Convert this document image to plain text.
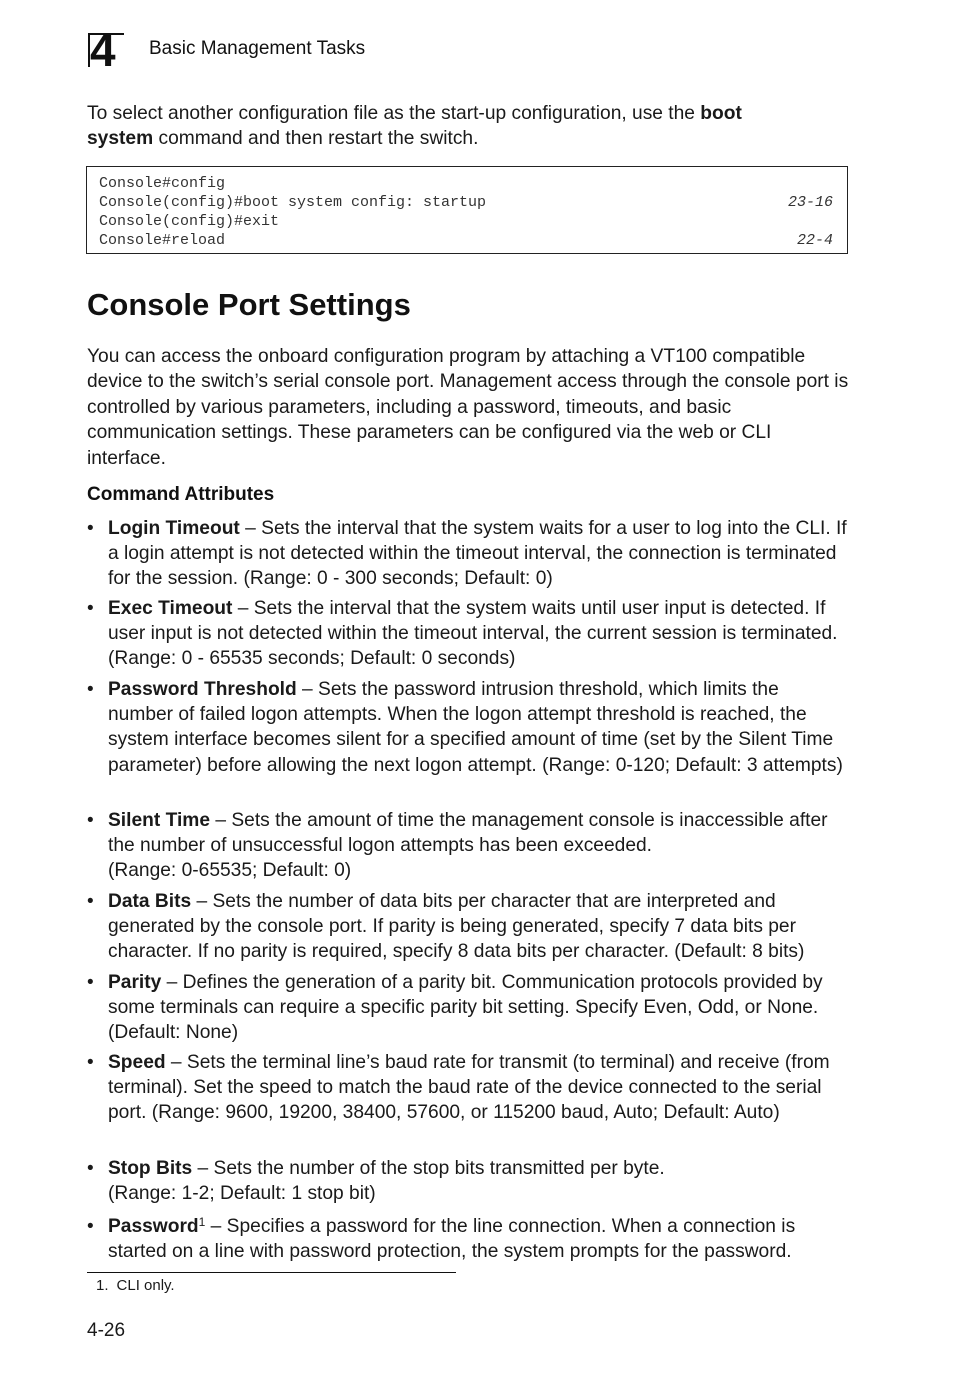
4 Basic Management Tasks

To select another configuration file as the start-up configuration, use the boot
system command and then restart the switch.

Console#config
Console(config)#boot system config: startup	23-16
Console(config)#exit
Console#reload	22-4
Console Port Settings

You can access the onboard configuration program by attaching a VT100 compatible device to the switch’s serial console port. Management access through the console port is controlled by various parameters, including a password, timeouts, and basic communication settings. These parameters can be configured via the web or CLI interface.

Command Attributes
• Login Timeout – Sets the interval that the system waits for a user to log into the CLI. If a login attempt is not detected within the timeout interval, the connection is terminated for the session. (Range: 0 - 300 seconds; Default: 0)

• Exec Timeout – Sets the interval that the system waits until user input is detected. If user input is not detected within the timeout interval, the current session is terminated. (Range: 0 - 65535 seconds; Default: 0 seconds)

• Password Threshold – Sets the password intrusion threshold, which limits the number of failed logon attempts. When the logon attempt threshold is reached, the system interface becomes silent for a specified amount of time (set by the Silent Time parameter) before allowing the next logon attempt. (Range: 0-120; Default: 3 attempts)

• Silent Time – Sets the amount of time the management console is inaccessible after the number of unsuccessful logon attempts has been exceeded.
(Range: 0-65535; Default: 0)

• Data Bits – Sets the number of data bits per character that are interpreted and generated by the console port. If parity is being generated, specify 7 data bits per character. If no parity is required, specify 8 data bits per character. (Default: 8 bits)

• Parity – Defines the generation of a parity bit. Communication protocols provided by some terminals can require a specific parity bit setting. Specify Even, Odd, or None. (Default: None)

• Speed – Sets the terminal line’s baud rate for transmit (to terminal) and receive (from terminal). Set the speed to match the baud rate of the device connected to the serial port. (Range: 9600, 19200, 38400, 57600, or 115200 baud, Auto; Default: Auto)

• Stop Bits – Sets the number of the stop bits transmitted per byte.
(Range: 1-2; Default: 1 stop bit)

• Password$^1$ – Specifies a password for the line connection. When a connection is started on a line with password protection, the system prompts for the password.

1. CLI only.
4-26
